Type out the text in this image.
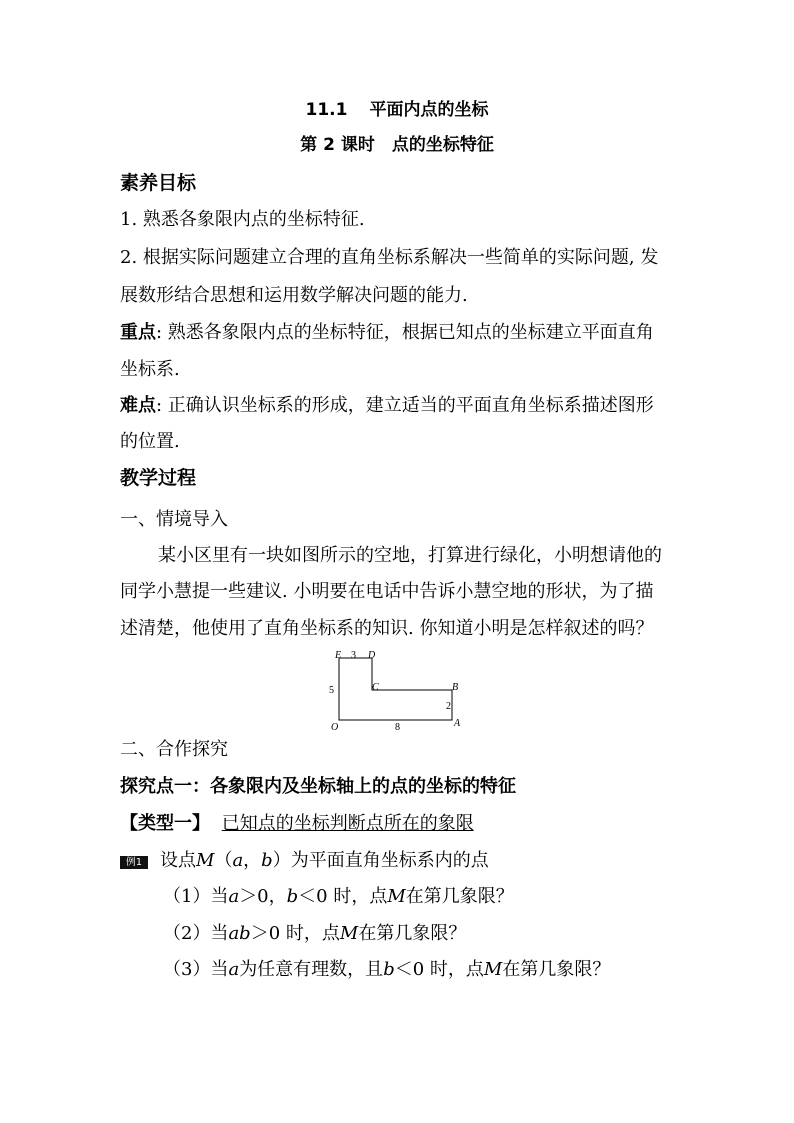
11.1 平面内点的坐标
第 2 课时　点的坐标特征
素养目标
1. 熟悉各象限内点的坐标特征.
2. 根据实际问题建立合理的直角坐标系解决一些简单的实际问题, 发
展数形结合思想和运用数学解决问题的能力.
重点: 熟悉各象限内点的坐标特征，根据已知点的坐标建立平面直角
坐标系.
难点: 正确认识坐标系的形成，建立适当的平面直角坐标系描述图形
的位置.
教学过程
一、情境导入
某小区里有一块如图所示的空地，打算进行绿化，小明想请他的
同学小慧提一些建议. 小明要在电话中告诉小慧空地的形状，为了描
述清楚，他使用了直角坐标系的知识. 你知道小明是怎样叙述的吗？
E 3 D
5	C	B
2
O	8	A
二、合作探究
探究点一：各象限内及坐标轴上的点的坐标的特征
【类型一】 已知点的坐标判断点所在的象限
例1 设点M（a，b）为平面直角坐标系内的点
（1）当a＞0，b＜0 时，点M在第几象限？
（2）当ab＞0 时，点M在第几象限？
（3）当a为任意有理数，且b＜0 时，点M在第几象限？
